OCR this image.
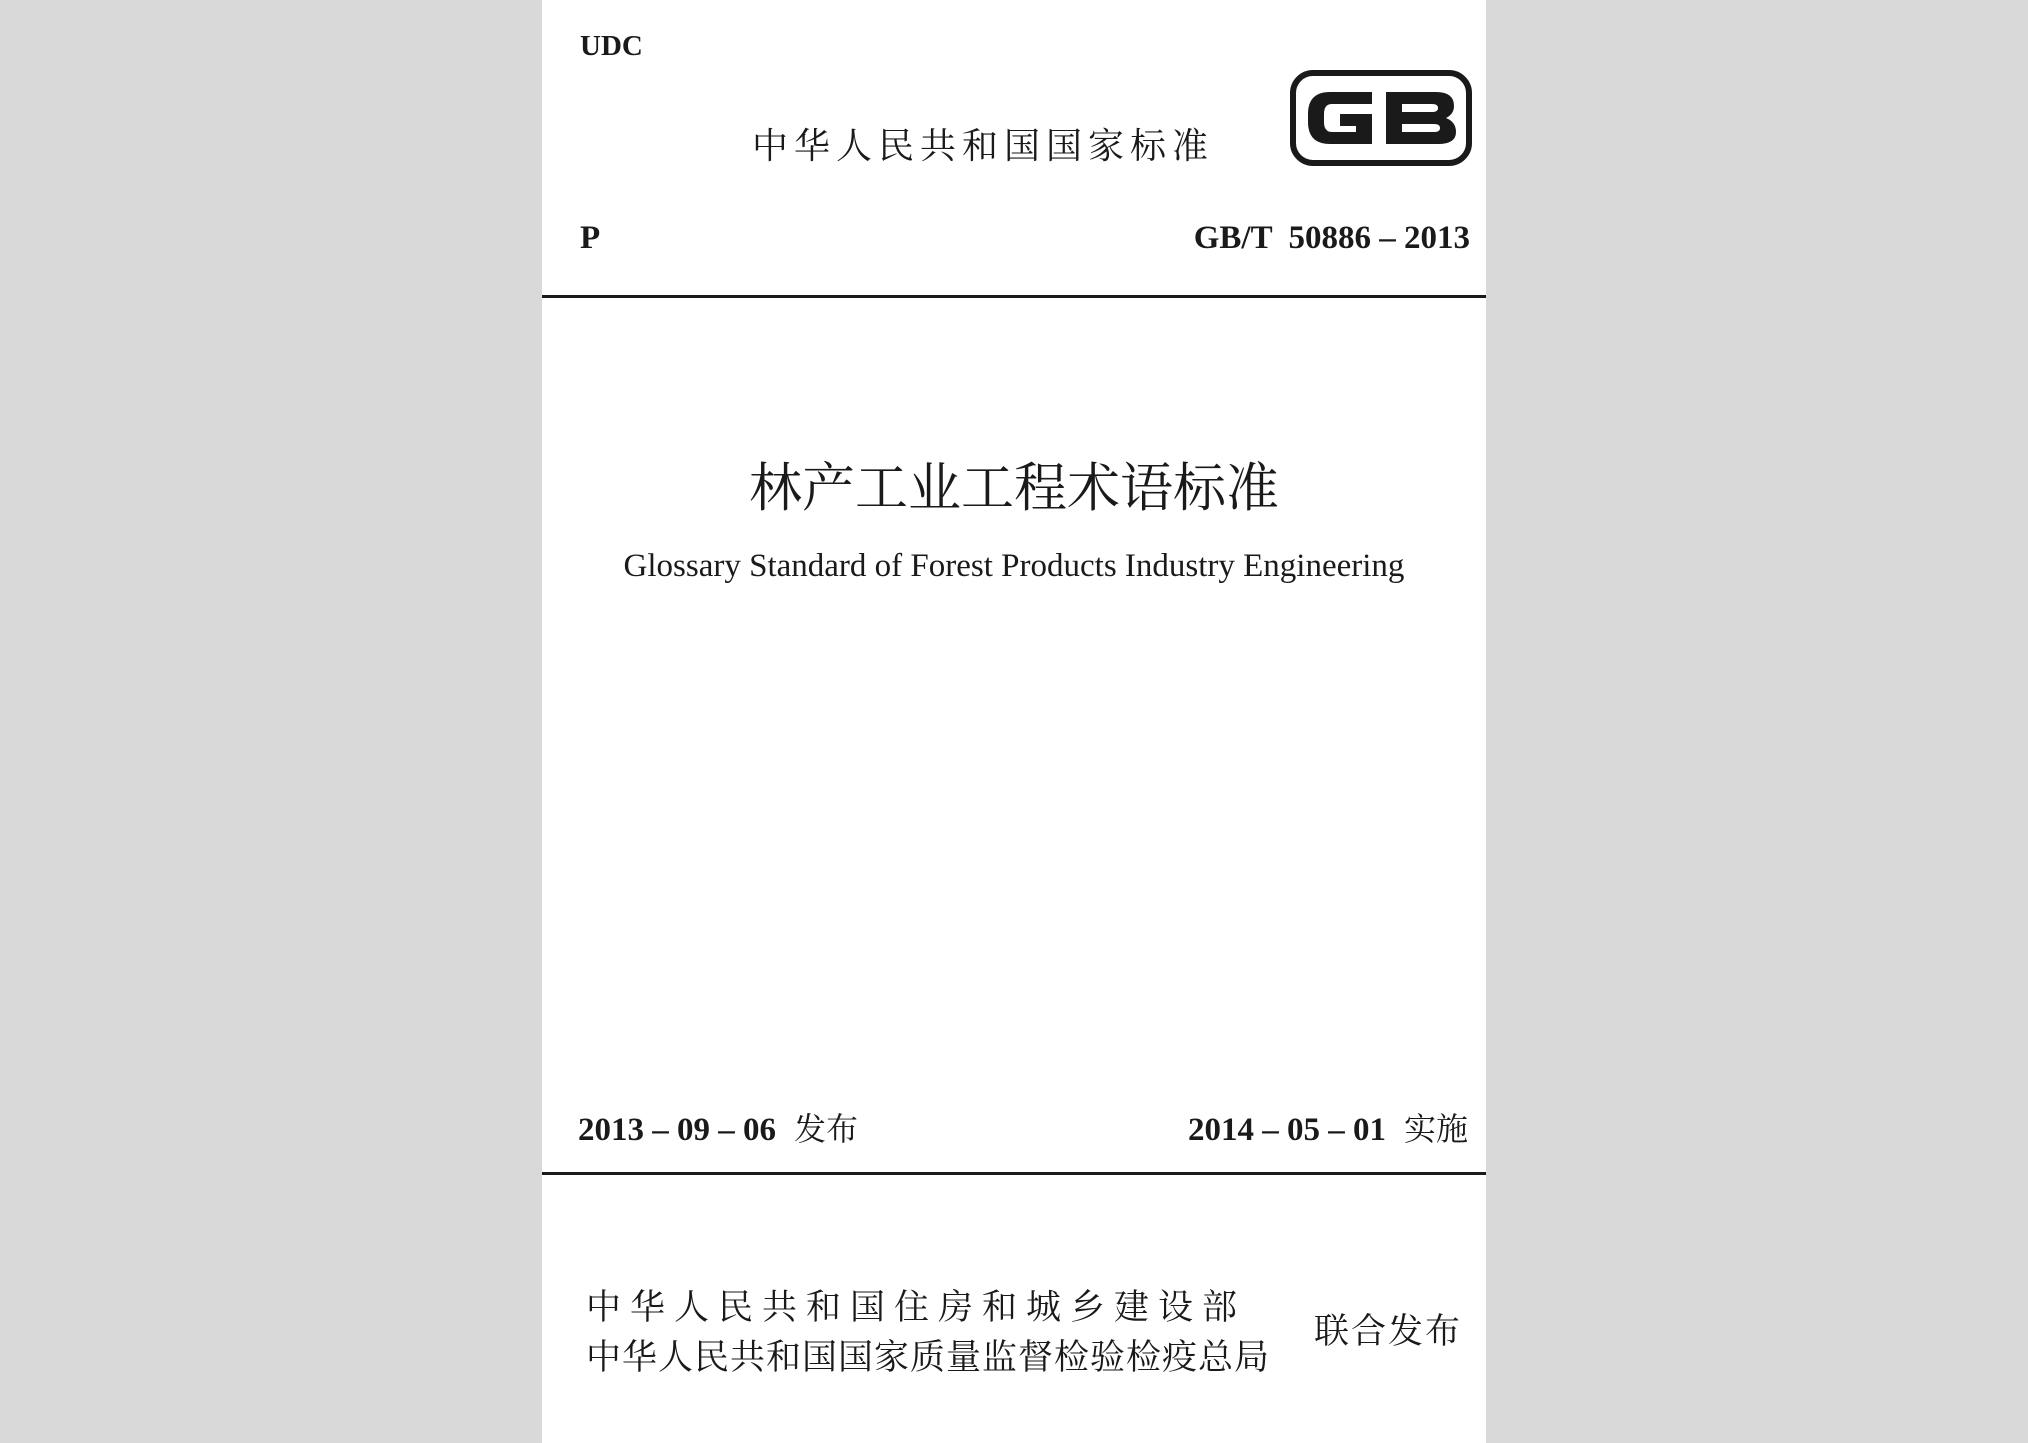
UDC
中华人民共和国国家标准
P	GB/T  50886 – 2013
林产工业工程术语标准
Glossary Standard of Forest Products Industry Engineering
2013 – 09 – 06 发布	2014 – 05 – 01 实施
中华人民共和国住房和城乡建设部
中华人民共和国国家质量监督检验检疫总局
联合发布
